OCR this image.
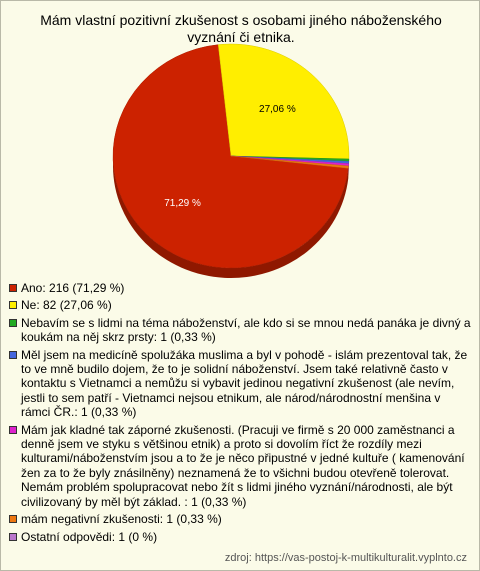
Mám vlastní pozitivní zkušenost s osobami jiného náboženského vyznání či etnika.
71,29 %
27,06 %
Ano: 216 (71,29 %)
Ne: 82 (27,06 %)
Nebavím se s lidmi na téma náboženství, ale kdo si se mnou nedá panáka je divný a koukám na něj skrz prsty: 1 (0,33 %)
Měl jsem na medicíně spolužáka muslima a byl v pohodě - islám prezentoval tak, že to ve mně budilo dojem, že to je solidní náboženství. Jsem také relativně často v kontaktu s Vietnamci a nemůžu si vybavit jedinou negativní zkušenost (ale nevím, jestli to sem patří - Vietnamci nejsou etnikum, ale národ/národnostní menšina v rámci ČR.: 1 (0,33 %)
Mám jak kladné tak záporné zkušenosti. (Pracuji ve firmě s 20 000 zaměstnanci a denně jsem ve styku s většinou etnik) a proto si dovolím říct že rozdíly mezi kulturami/náboženstvím jsou a to že je něco připustné v jedné kultuře ( kamenování žen za to že byly znásilněny) neznamená že to všichni budou otevřeně tolerovat. Nemám problém spolupracovat nebo žít s lidmi jiného vyznání/národnosti, ale být civilizovaný by měl být základ. : 1 (0,33 %)
mám negativní zkušenosti: 1 (0,33 %)
Ostatní odpovědi: 1 (0 %)
zdroj: https://vas-postoj-k-multikulturalit.vyplnto.cz
